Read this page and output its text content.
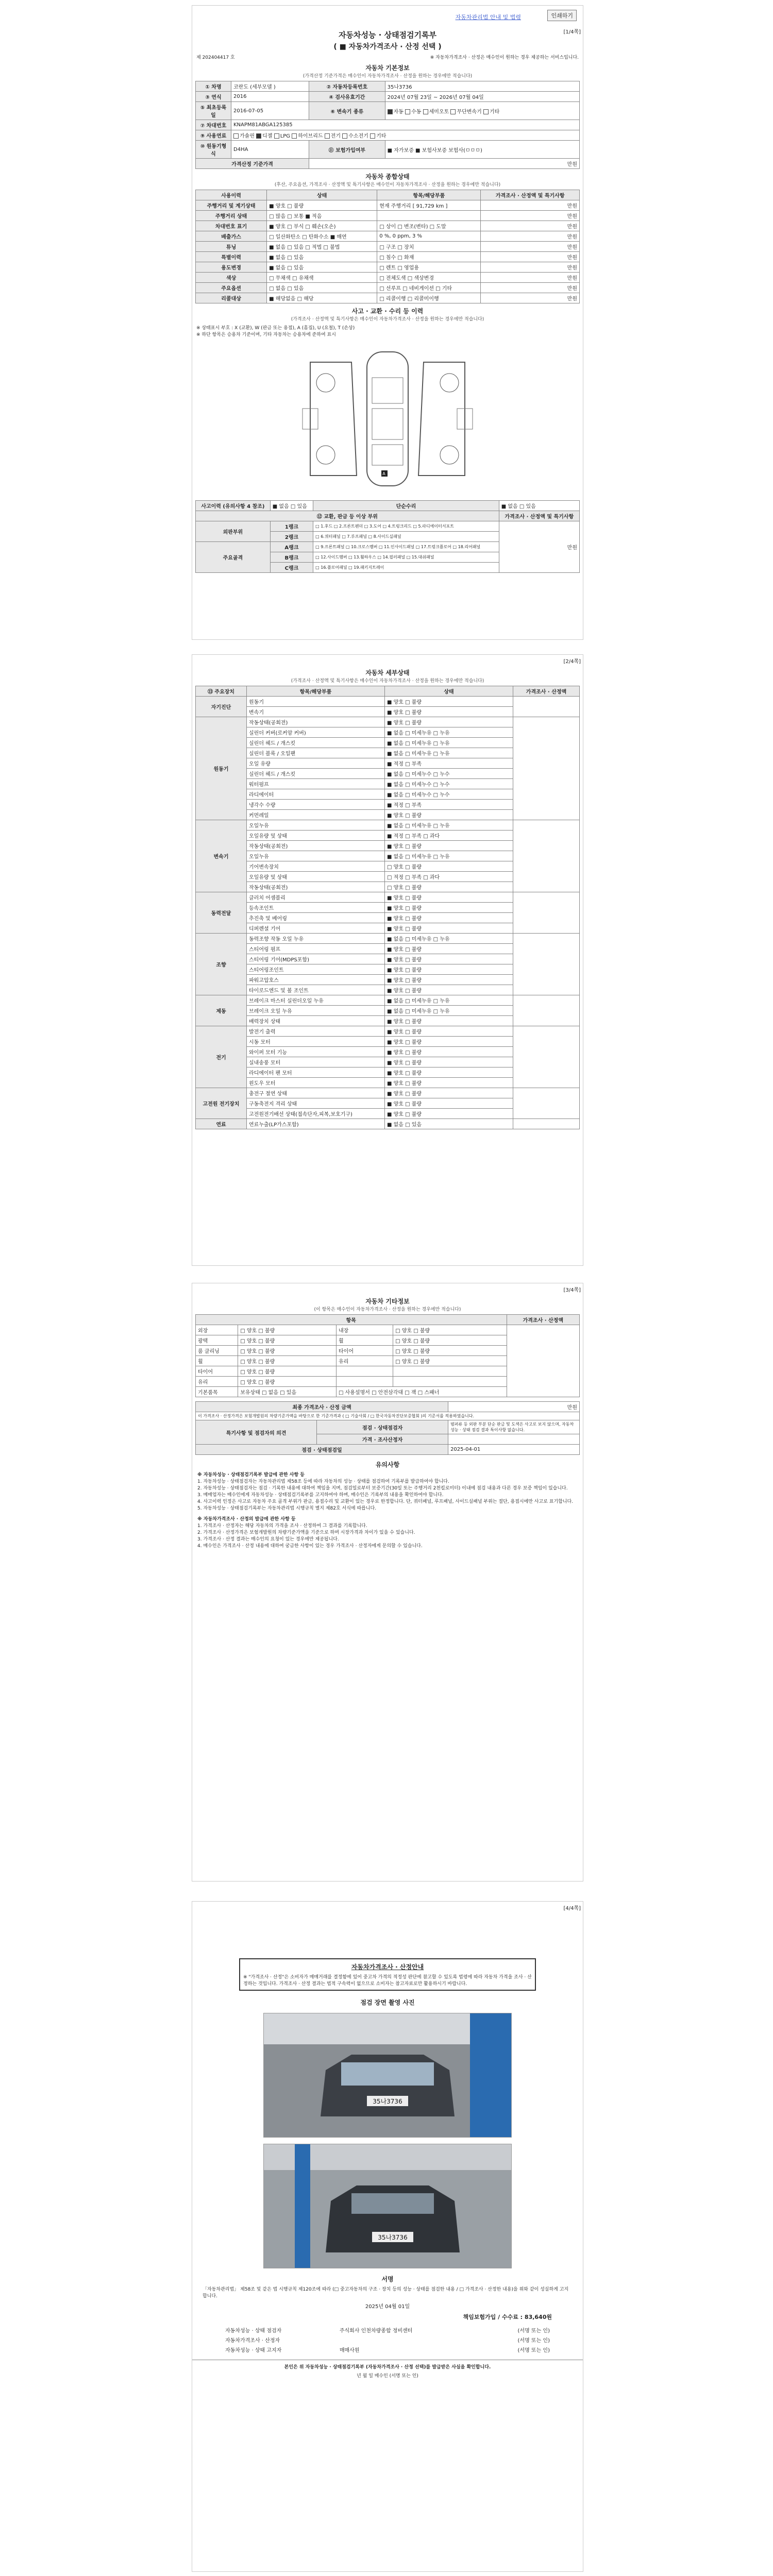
자동차관리법 안내 및 법령	인쇄하기
[1/4쪽]
자동차성능 · 상태점검기록부
( ■ 자동차가격조사 · 산정 선택 )
제 202404417 호	※ 자동차가격조사 · 산정은 매수인이 원하는 경우 제공하는 서비스입니다.
자동차 기본정보
(가격산정 기준가격은 매수인이 자동차가격조사 · 산정을 원하는 경우에만 적습니다)
① 차명	코란도 (세부모델 )	② 자동차등록번호	35나3736
③ 연식	2016	④ 검사유효기간	2024년 07월 23일 ~ 2026년 07월 04일
⑤ 최초등록일	2016-07-05	⑥ 변속기 종류	자동 수동 세미오토 무단변속기 기타
⑦ 차대번호	KNAPM81ABGA125385		
⑨ 사용연료	가솔린 디젤 LPG 하이브리드 전기 수소전기 기타		
⑩ 원동기형식	D4HA	⑪ 보험가입여부	■ 자가보증 ■ 보험사보증 보험사(ㅁㅁㅁ)
가격산정 기준가격		만원	
자동차 종합상태
(후산, 주요옵션, 가격조사 · 산정액 및 특기사항은 매수인이 자동차가격조사 · 산정을 원하는 경우에만 적습니다)
사용이력	상태	항목/해당부품	가격조사 · 산정액 및 특기사항
주행거리 및 계기상태	■ 양호 □ 불량	현재 주행거리 [ 91,729 km ]	만원
주행거리 상태	□ 많음 □ 보통 ■ 적음		만원
차대번호 표기	■ 양호 □ 부식 □ 훼손(오손)	□ 상이 □ 변조(변타) □ 도말	만원
배출가스	□ 일산화탄소 □ 탄화수소 ■ 매연	0 %, 0 ppm, 3 %	만원
튜닝	■ 없음 □ 있음 □ 적법 □ 불법	□ 구조 □ 장치	만원
특별이력	■ 없음 □ 있음	□ 침수 □ 화재	만원
용도변경	■ 없음 □ 있음	□ 렌트 □ 영업용	만원
색상	□ 무채색 □ 유채색	□ 전체도색 □ 색상변경	만원
주요옵션	□ 없음 □ 있음	□ 선루프 □ 네비게이션 □ 기타	만원
리콜대상	■ 해당없음 □ 해당	□ 리콜이행 □ 리콜미이행	만원
사고 · 교환 · 수리 등 이력
(가격조사 · 산정액 및 특기사항은 매수인이 자동차가격조사 · 산정을 원하는 경우에만 적습니다)
※ 상태표시 부호 : X (교환), W (판금 또는 용접), A (흠집), U (요철), T (손상)
※ 하단 항목은 승용차 기준이며, 기타 자동차는 승용차에 준하여 표시
A
사고이력 (유의사항 4 참조)	■ 없음 □ 있음	단순수리	■ 없음 □ 있음
⑫ 교환, 판금 등 이상 부위			가격조사 · 산정액 및 특기사항
외판부위	1랭크	□ 1.후드 □ 2.프론트펜더 □ 3.도어 □ 4.트렁크리드 □ 5.라디에이터서포트	만원
	2랭크	□ 6.쿼터패널 □ 7.루프패널 □ 8.사이드실패널	
주요골격	A랭크	□ 9.프론트패널 □ 10.크로스멤버 □ 11.인사이드패널 □ 17.트렁크플로어 □ 18.리어패널	
	B랭크	□ 12.사이드멤버 □ 13.휠하우스 □ 14.필러패널 □ 15.대쉬패널	
	C랭크	□ 16.플로어패널 □ 19.패키지트레이	
[2/4쪽]
자동차 세부상태
(가격조사 · 산정액 및 특기사항은 매수인이 자동차가격조사 · 산정을 원하는 경우에만 적습니다)
⑬ 주요장치	항목/해당부품	상태	가격조사 · 산정액
자기진단	원동기	■ 양호 □ 불량	
	변속기	■ 양호 □ 불량	
원동기	작동상태(공회전)	■ 양호 □ 불량	
	실린더 커버(로커암 커버)	■ 없음 □ 미세누유 □ 누유	
	실린더 헤드 / 개스킷	■ 없음 □ 미세누유 □ 누유	
	실린더 블록 / 오일팬	■ 없음 □ 미세누유 □ 누유	
	오일 유량	■ 적정 □ 부족	
	실린더 헤드 / 개스킷	■ 없음 □ 미세누수 □ 누수	
	워터펌프	■ 없음 □ 미세누수 □ 누수	
	라디에이터	■ 없음 □ 미세누수 □ 누수	
	냉각수 수량	■ 적정 □ 부족	
	커먼레일	■ 양호 □ 불량	
변속기	오일누유	■ 없음 □ 미세누유 □ 누유	
	오일유량 및 상태	■ 적정 □ 부족 □ 과다	
	작동상태(공회전)	■ 양호 □ 불량	
	오일누유	■ 없음 □ 미세누유 □ 누유	
	기어변속장치	□ 양호 □ 불량	
	오일유량 및 상태	□ 적정 □ 부족 □ 과다	
	작동상태(공회전)	□ 양호 □ 불량	
동력전달	클러치 어셈블리	■ 양호 □ 불량	
	등속조인트	■ 양호 □ 불량	
	추진축 및 베어링	■ 양호 □ 불량	
	디퍼렌셜 기어	■ 양호 □ 불량	
조향	동력조향 작동 오일 누유	■ 없음 □ 미세누유 □ 누유	
	스티어링 펌프	■ 양호 □ 불량	
	스티어링 기어(MDPS포함)	■ 양호 □ 불량	
	스티어링조인트	■ 양호 □ 불량	
	파워고압호스	■ 양호 □ 불량	
	타이로드엔드 및 볼 조인트	■ 양호 □ 불량	
제동	브레이크 마스터 실린더오일 누유	■ 없음 □ 미세누유 □ 누유	
	브레이크 오일 누유	■ 없음 □ 미세누유 □ 누유	
	배력장치 상태	■ 양호 □ 불량	
전기	발전기 출력	■ 양호 □ 불량	
	시동 모터	■ 양호 □ 불량	
	와이퍼 모터 기능	■ 양호 □ 불량	
	실내송풍 모터	■ 양호 □ 불량	
	라디에이터 팬 모터	■ 양호 □ 불량	
	윈도우 모터	■ 양호 □ 불량	
고전원 전기장치	충전구 절연 상태	■ 양호 □ 불량	
	구동축전지 격리 상태	■ 양호 □ 불량	
	고전원전기배선 상태(접속단자,피복,보호기구)	■ 양호 □ 불량	
연료	연료누출(LP가스포함)	■ 없음 □ 있음	
[3/4쪽]
자동차 기타정보
(이 항목은 매수인이 자동차가격조사 · 산정을 원하는 경우에만 적습니다)
항목				가격조사 · 산정액
외장	□ 양호 □ 불량	내장	□ 양호 □ 불량	
광택	□ 양호 □ 불량	휠	□ 양호 □ 불량	
룸 클리닝	□ 양호 □ 불량	타이어	□ 양호 □ 불량	
휠	□ 양호 □ 불량	유리	□ 양호 □ 불량	
타이어	□ 양호 □ 불량			
유리	□ 양호 □ 불량			
기본품목	보유상태 □ 없음 □ 있음	□ 사용설명서 □ 안전삼각대 □ 잭 □ 스패너		
최종 가격조사 · 산정 금액		만원
이 가격조사 · 산정가격은 보험개발원의 차량기준가액을 바탕으로 한 기준가격과 ( □ 기술사회 / □ 한국자동차진단보증협회 )의 기준서를 적용하였습니다.		
특기사항 및 점검자의 의견	점검 · 상태점검자	범퍼류 등 외판 부분 단순 판금 및 도색은 사고로 보지 않으며, 자동차 성능 · 상태 점검 결과 특이사항 없습니다.
	가격 · 조사산정자	
점검 · 상태점검일		2025-04-01
유의사항
※ 자동차성능 · 상태점검기록부 발급에 관한 사항 등
1. 자동차성능 · 상태점검자는 자동차관리법 제58조 등에 따라 자동차의 성능 · 상태를 점검하여 기록부를 발급하여야 합니다.
2. 자동차성능 · 상태점검자는 점검 · 기록한 내용에 대하여 책임을 지며, 점검일로부터 보증기간(30일 또는 주행거리 2천킬로미터) 이내에 점검 내용과 다른 경우 보증 책임이 있습니다.
3. 매매업자는 매수인에게 자동차성능 · 상태점검기록부를 고지하여야 하며, 매수인은 기록부의 내용을 확인하여야 합니다.
4. 사고이력 인정은 사고로 자동차 주요 골격 부위가 판금, 용접수리 및 교환이 있는 경우로 한정합니다. 단, 쿼터패널, 루프패널, 사이드실패널 부위는 절단, 용접시에만 사고로 표기합니다.
5. 자동차성능 · 상태점검기록부는 자동차관리법 시행규칙 별지 제82호 서식에 따릅니다.
※ 자동차가격조사 · 산정의 발급에 관한 사항 등
1. 가격조사 · 산정자는 해당 자동차의 가격을 조사 · 산정하여 그 결과를 기록합니다.
2. 가격조사 · 산정가격은 보험개발원의 차량기준가액을 기준으로 하며 시장가격과 차이가 있을 수 있습니다.
3. 가격조사 · 산정 결과는 매수인의 요청이 있는 경우에만 제공됩니다.
4. 매수인은 가격조사 · 산정 내용에 대하여 궁금한 사항이 있는 경우 가격조사 · 산정자에게 문의할 수 있습니다.
[4/4쪽]
자동차가격조사 · 산정안내
※ "가격조사 · 산정"은 소비자가 매매거래를 결정함에 있어 중고차 가격의 적정성 판단에 참고할 수 있도록 법령에 따라 자동차 가격을 조사 · 산정하는 것입니다. 가격조사 · 산정 결과는 법적 구속력이 없으므로 소비자는 참고자료로만 활용하시기 바랍니다.
점검 장면 촬영 사진
35나3736
35나3736
서명
「자동차관리법」 제58조 및 같은 법 시행규칙 제120조에 따라 (□ 중고자동차의 구조 · 장치 등의 성능 · 상태를 점검한 내용 / □ 가격조사 · 산정한 내용)을 위와 같이 성실하게 고지합니다.
2025년 04월 01일
책임보험가입 / 수수료 : 83,640원
자동차성능 · 상태 점검자	주식회사 인천차량종합 정비센터	(서명 또는 인)
자동차가격조사 · 산정자		(서명 또는 인)
자동차성능 · 상태 고지자	매매사원	(서명 또는 인)
본인은 위 자동차성능 · 상태점검기록부 (자동차가격조사 · 산정 선택)를 발급받은 사실을 확인합니다.
년 월 일 매수인 (서명 또는 인)
